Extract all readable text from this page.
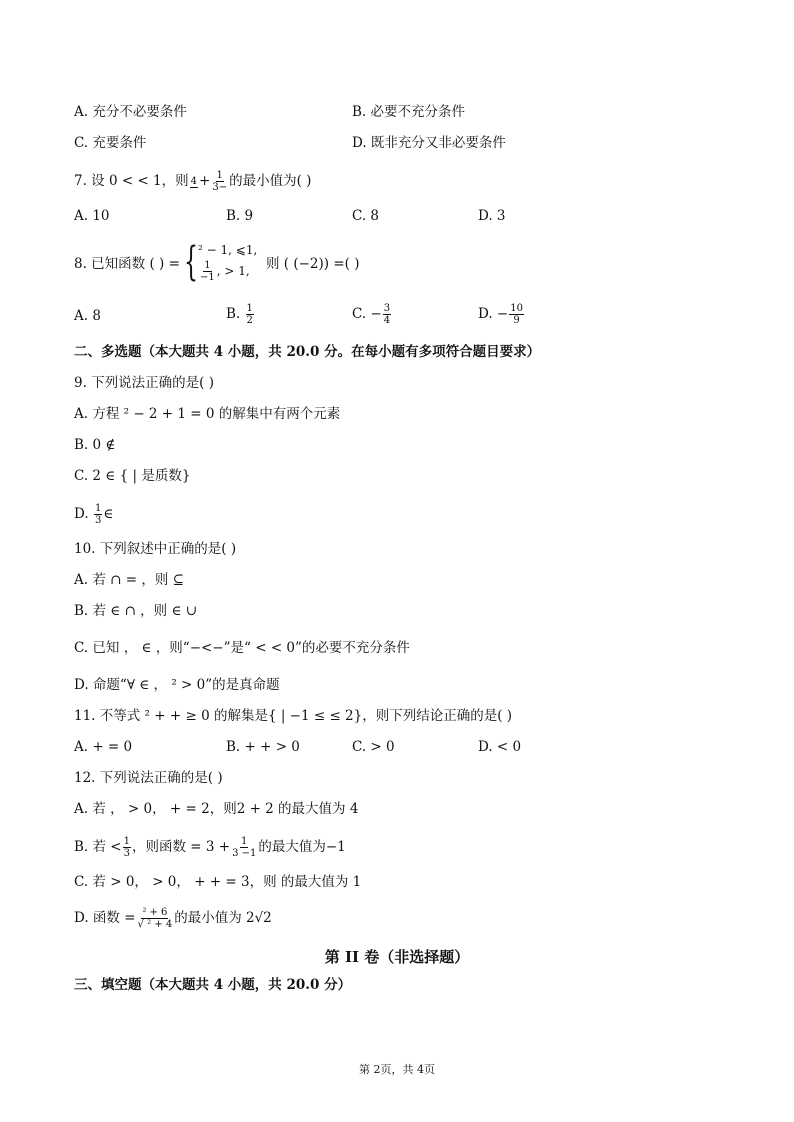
A. 充分不必要条件	B. 必要不充分条件
C. 充要条件	D. 既非充分又非必要条件
7. 设 0 < < 1，则 $4 + \frac{1}{3-}$ 的最小值为( )
A. 10	B. 9	C. 8	D. 3
8. 已知函数 ( ) = { ² − 1, ⩽1,
$\frac{1}{-1}$ , > 1, 则 ( (−2)) =( )
A. 8	B. $\frac{1}{2}$	C. − $\frac{3}{4}$	D. − $\frac{10}{9}$
二、多选题（本大题共 4 小题，共 20.0 分。在每小题有多项符合题目要求）
9. 下列说法正确的是( )
A. 方程 ² − 2 + 1 = 0 的解集中有两个元素
B. 0 ∉
C. 2 ∈ { | 是质数}
D. $\frac{1}{3}$ ∈
10. 下列叙述中正确的是( )
A. 若 ∩ = ，则 ⊆
B. 若 ∈ ∩ ，则 ∈ ∪
C. 已知 ， ∈ ，则“−<−”是“ < < 0”的必要不充分条件
D. 命题“∀ ∈ ， ² > 0”的是真命题
11. 不等式 ² + + ≥ 0 的解集是{ | −1 ≤ ≤ 2}，则下列结论正确的是( )
A. + = 0	B. + + > 0	C. > 0	D. < 0
12. 下列说法正确的是( )
A. 若 ， > 0， + = 2，则2 + 2 的最大值为 4
B. 若 < $\frac{1}{3}$ ，则函数 = $3 + \frac{1}{3 -1}$ 的最大值为−1
C. 若 > 0， > 0， + + = 3，则 的最大值为 1
D. 函数 = $\frac{\text{² + 6}}{\text{√ ² + 4}}$ 的最小值为 2√2
第 II 卷（非选择题）
三、填空题（本大题共 4 小题，共 20.0 分）
第 2页，共 4页
